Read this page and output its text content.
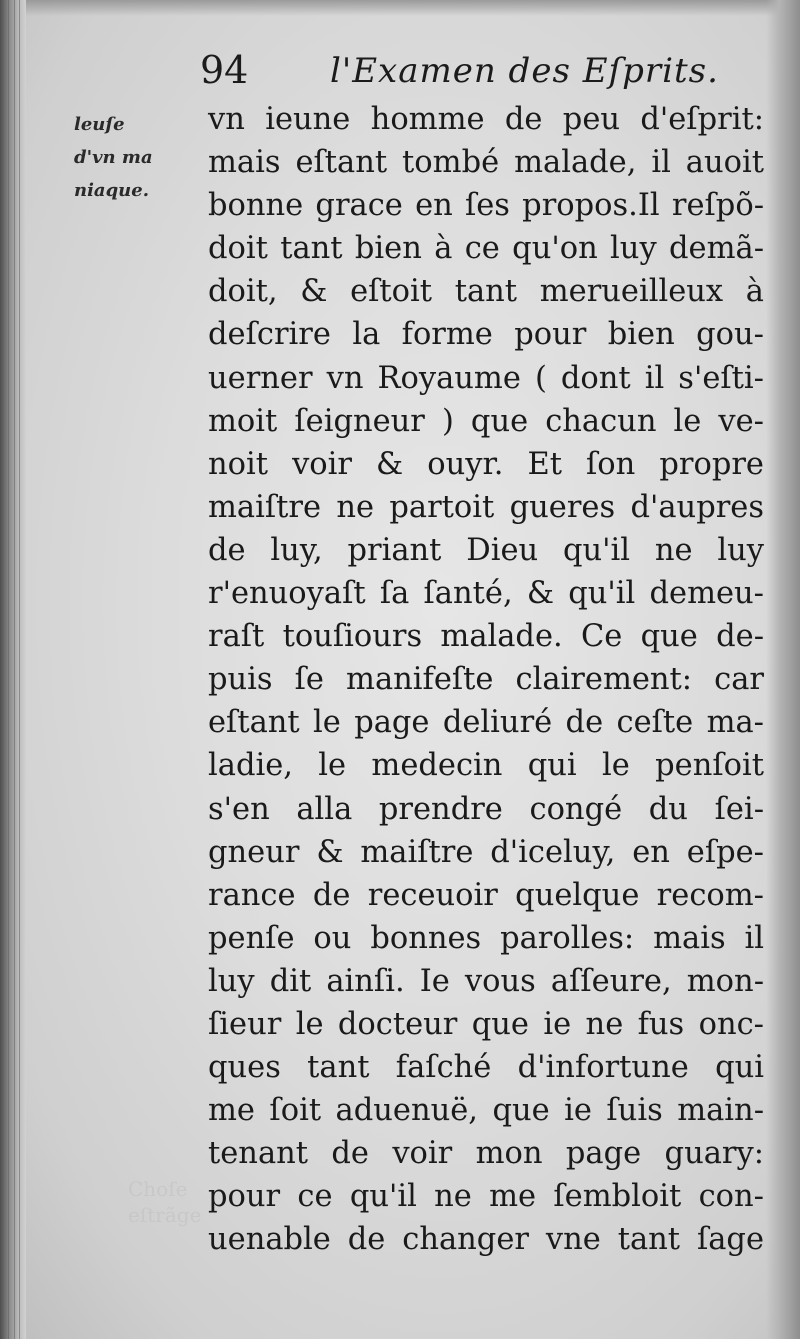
94 l'Examen des Eſprits.
leuſe
d'vn ma
niaque.
Choſe
eſtrãge
vn ieune homme de peu d'eſprit:
mais eſtant tombé malade, il auoit
bonne grace en ſes propos.Il reſpõ-
doit tant bien à ce qu'on luy demã-
doit, & eſtoit tant merueilleux à
deſcrire la forme pour bien gou-
uerner vn Royaume ( dont il s'eſti-
moit ſeigneur ) que chacun le ve-
noit voir & ouyr. Et ſon propre
maiſtre ne partoit gueres d'aupres
de luy, priant Dieu qu'il ne luy
r'enuoyaſt ſa ſanté, & qu'il demeu-
raſt touſiours malade. Ce que de-
puis ſe manifeſte clairement: car
eſtant le page deliuré de ceſte ma-
ladie, le medecin qui le penſoit
s'en alla prendre congé du ſei-
gneur & maiſtre d'iceluy, en eſpe-
rance de receuoir quelque recom-
penſe ou bonnes parolles: mais il
luy dit ainſi. Ie vous aſſeure, mon-
ſieur le docteur que ie ne fus onc-
ques tant faſché d'infortune qui
me ſoit aduenuë, que ie ſuis main-
tenant de voir mon page guary:
pour ce qu'il ne me ſembloit con-
uenable de changer vne tant ſage
